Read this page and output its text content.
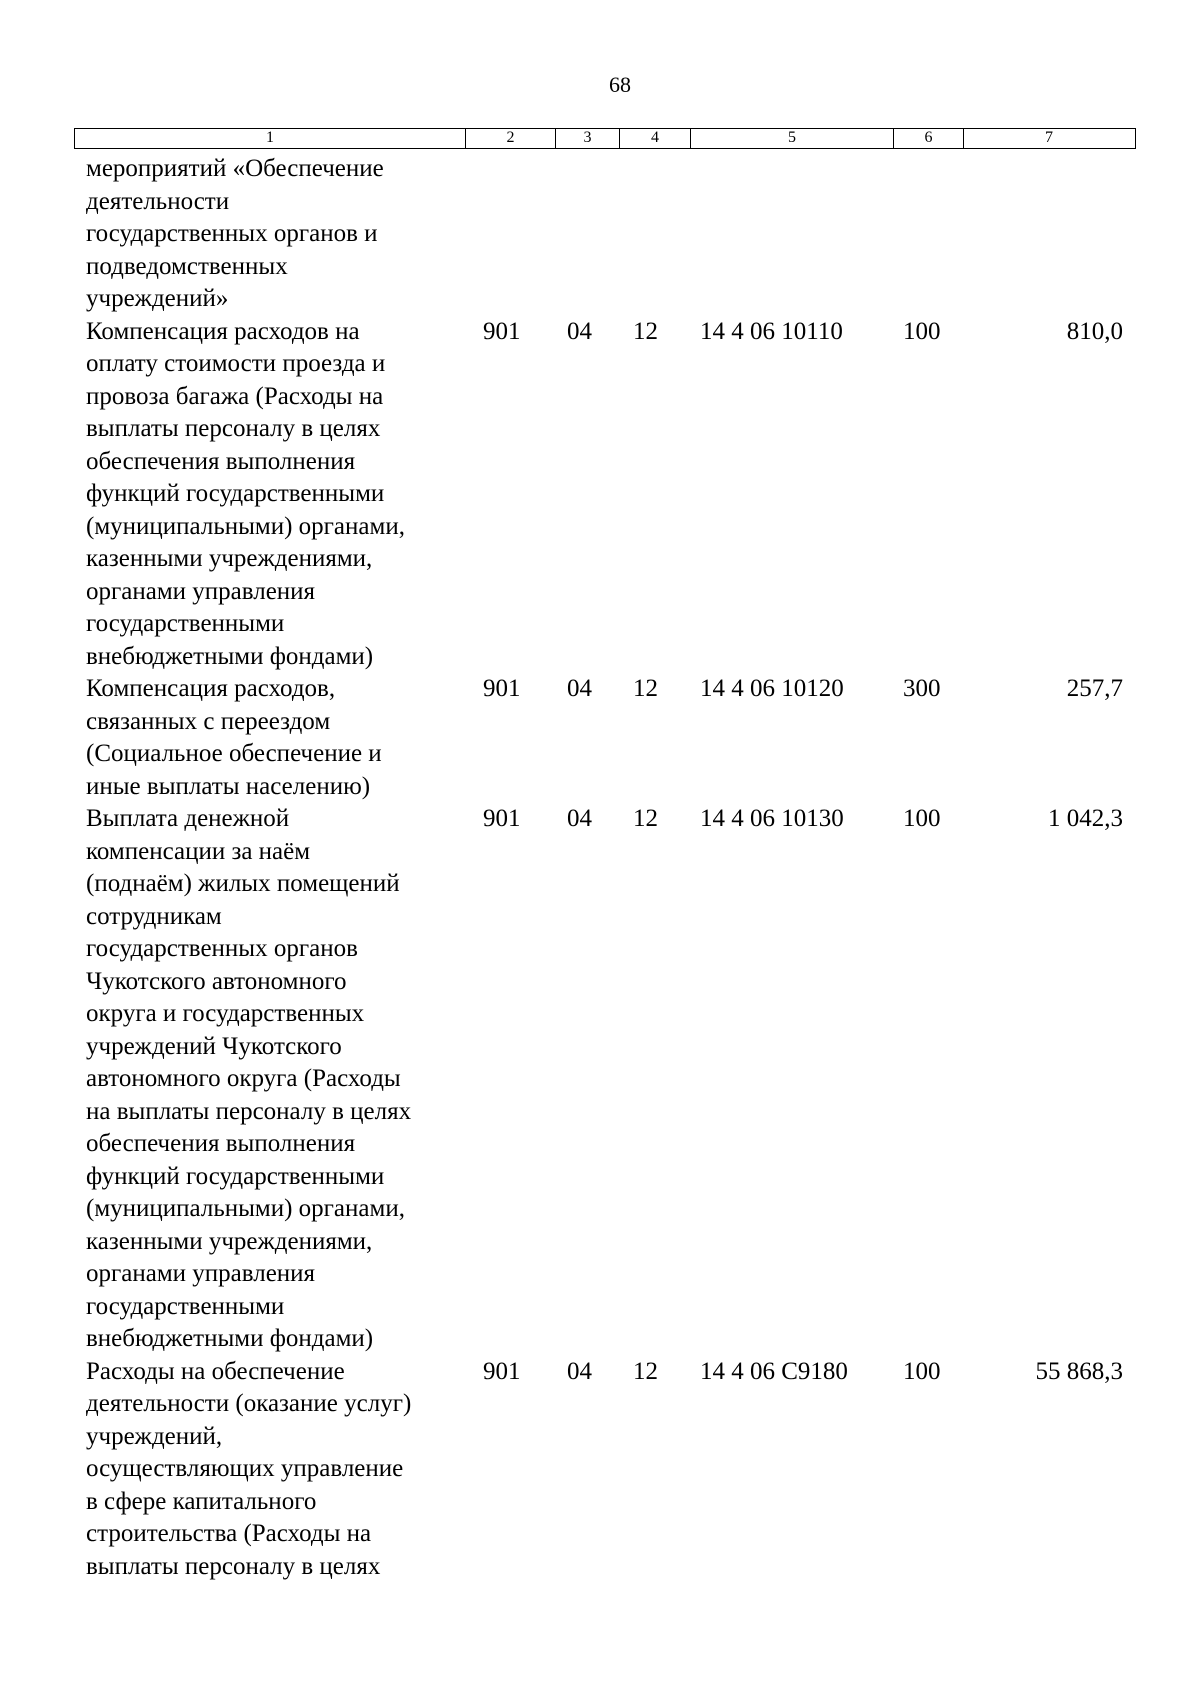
68
1	2	3	4	5	6	7
мероприятий «Обеспечение
деятельности
государственных органов и
подведомственных
учреждений»
Компенсация расходов на
оплату стоимости проезда и
провоза багажа (Расходы на
выплаты персоналу в целях
обеспечения выполнения
функций государственными
(муниципальными) органами,
казенными учреждениями,
органами управления
государственными
внебюджетными фондами)
901	04	12	14 4 06 10110	100	810,0
Компенсация расходов,
связанных с переездом
(Социальное обеспечение и
иные выплаты населению)
901	04	12	14 4 06 10120	300	257,7
Выплата денежной
компенсации за наём
(поднаём) жилых помещений
сотрудникам
государственных органов
Чукотского автономного
округа и государственных
учреждений Чукотского
автономного округа (Расходы
на выплаты персоналу в целях
обеспечения выполнения
функций государственными
(муниципальными) органами,
казенными учреждениями,
органами управления
государственными
внебюджетными фондами)
901	04	12	14 4 06 10130	100	1 042,3
Расходы на обеспечение
деятельности (оказание услуг)
учреждений,
осуществляющих управление
в сфере капитального
строительства (Расходы на
выплаты персоналу в целях
901	04	12	14 4 06 С9180	100	55 868,3
